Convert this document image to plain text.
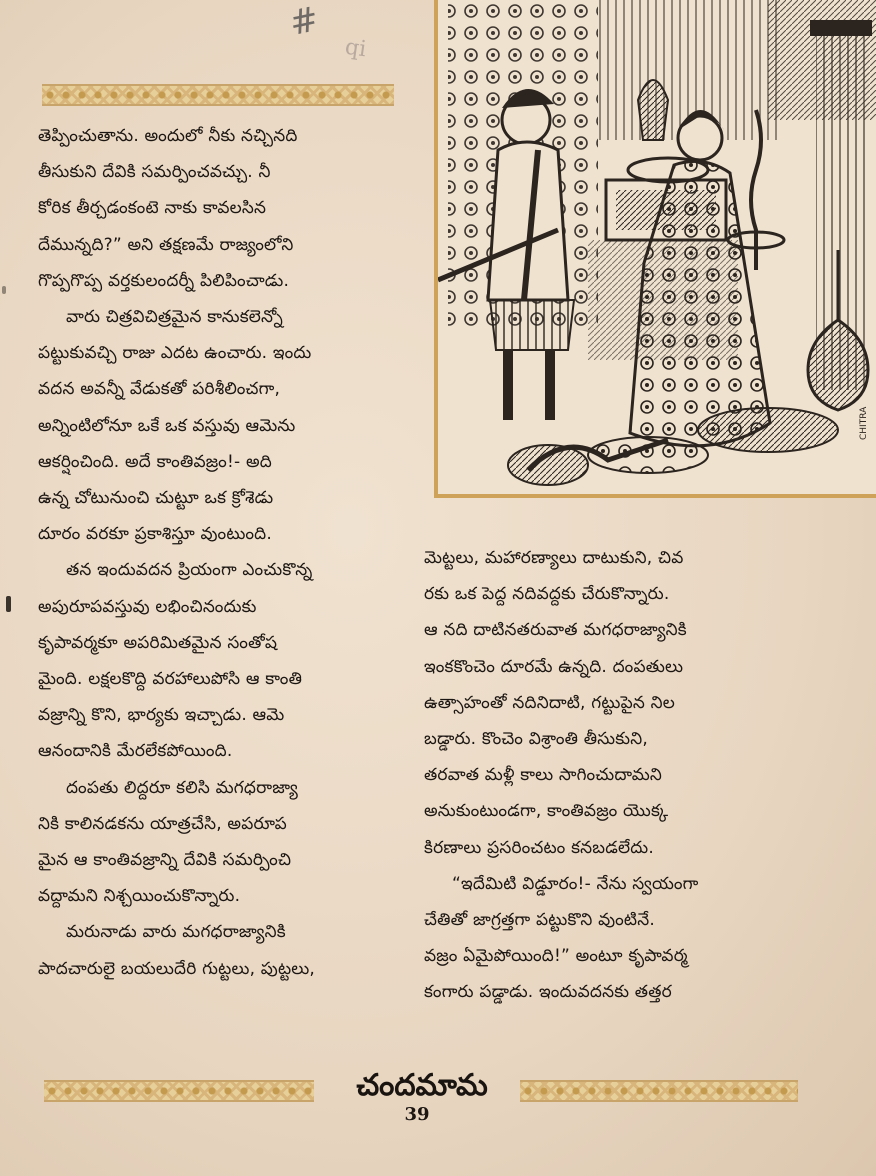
#
qi
CHITRA

తెప్పించుతాను. అందులో నీకు నచ్చినది

తీసుకుని దేవికి సమర్పించవచ్చు. నీ

కోరిక తీర్చడంకంటె నాకు కావలసిన

దేమున్నది?” అని తక్షణమే రాజ్యంలోని

గొప్పగొప్ప వర్తకులందర్నీ పిలిపించాడు.

వారు చిత్రవిచిత్రమైన కానుకలెన్నో

పట్టుకువచ్చి రాజు ఎదట ఉంచారు. ఇందు

వదన అవన్నీ వేడుకతో పరిశీలించగా,

అన్నింటిలోనూ ఒకే ఒక వస్తువు ఆమెను

ఆకర్షించింది. అదే కాంతివజ్రం!- అది

ఉన్న చోటునుంచి చుట్టూ ఒక క్రోశెడు

దూరం వరకూ ప్రకాశిస్తూ వుంటుంది.

తన ఇందువదన ప్రియంగా ఎంచుకొన్న

అపురూపవస్తువు లభించినందుకు

కృపావర్మకూ అపరిమితమైన సంతోష

మైంది. లక్షలకొద్ది వరహాలుపోసి ఆ కాంతి

వజ్రాన్ని కొని, భార్యకు ఇచ్చాడు. ఆమె

ఆనందానికి మేరలేకపోయింది.

దంపతు లిద్దరూ కలిసి మగధరాజ్యా

నికి కాలినడకను యాత్రచేసి, అపరూప

మైన ఆ కాంతివజ్రాన్ని దేవికి సమర్పించి

వద్దామని నిశ్చయించుకొన్నారు.

మరునాడు వారు మగధరాజ్యానికి

పాదచారులై బయలుదేరి గుట్టలు, పుట్టలు,

మెట్టలు, మహారణ్యాలు దాటుకుని, చివ

రకు ఒక పెద్ద నదివద్దకు చేరుకొన్నారు.

ఆ నది దాటినతరువాత మగధరాజ్యానికి

ఇంకకొంచెం దూరమే ఉన్నది. దంపతులు

ఉత్సాహంతో నదినిదాటి, గట్టుపైన నిల

బడ్డారు. కొంచెం విశ్రాంతి తీసుకుని,

తరవాత మళ్లీ కాలు సాగించుదామని

అనుకుంటుండగా, కాంతివజ్రం యొక్క

కిరణాలు ప్రసరించటం కనబడలేదు.

“ఇదేమిటి విడ్డూరం!- నేను స్వయంగా

చేతితో జాగ్రత్తగా పట్టుకొని వుంటినే.

వజ్రం ఏమైపోయింది!” అంటూ కృపావర్మ

కంగారు పడ్డాడు. ఇందువదనకు తత్తర

చందమామ
39
